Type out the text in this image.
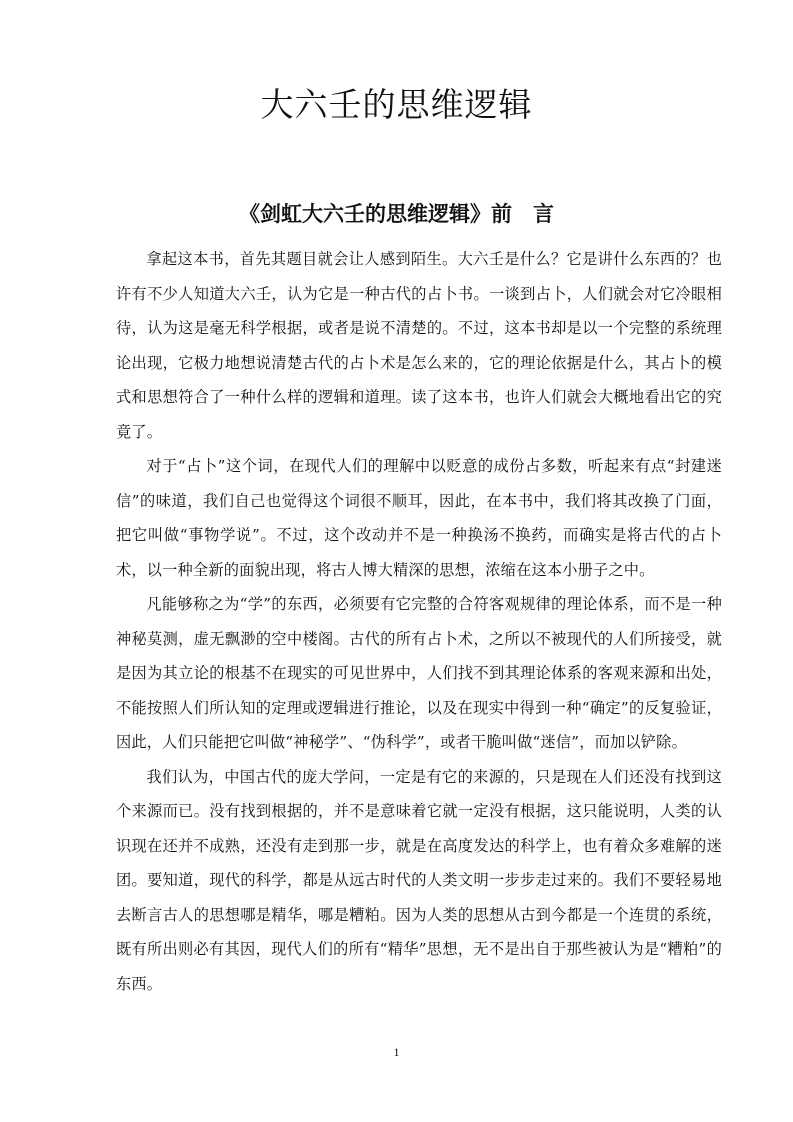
大六壬的思维逻辑
《剑虹大六壬的思维逻辑》前　言

拿起这本书，首先其题目就会让人感到陌生。大六壬是什么？它是讲什么东西的？也许有不少人知道大六壬，认为它是一种古代的占卜书。一谈到占卜，人们就会对它冷眼相待，认为这是毫无科学根据，或者是说不清楚的。不过，这本书却是以一个完整的系统理论出现，它极力地想说清楚古代的占卜术是怎么来的，它的理论依据是什么，其占卜的模式和思想符合了一种什么样的逻辑和道理。读了这本书，也许人们就会大概地看出它的究竟了。

对于“占卜”这个词，在现代人们的理解中以贬意的成份占多数，听起来有点“封建迷信”的味道，我们自己也觉得这个词很不顺耳，因此，在本书中，我们将其改换了门面，把它叫做“事物学说”。不过，这个改动并不是一种换汤不换药，而确实是将古代的占卜术，以一种全新的面貌出现，将古人博大精深的思想，浓缩在这本小册子之中。

凡能够称之为“学”的东西，必须要有它完整的合符客观规律的理论体系，而不是一种神秘莫测，虚无飘渺的空中楼阁。古代的所有占卜术，之所以不被现代的人们所接受，就是因为其立论的根基不在现实的可见世界中，人们找不到其理论体系的客观来源和出处，不能按照人们所认知的定理或逻辑进行推论，以及在现实中得到一种“确定”的反复验证，因此，人们只能把它叫做“神秘学”、“伪科学”，或者干脆叫做“迷信”，而加以铲除。

我们认为，中国古代的庞大学问，一定是有它的来源的，只是现在人们还没有找到这个来源而已。没有找到根据的，并不是意味着它就一定没有根据，这只能说明，人类的认识现在还并不成熟，还没有走到那一步，就是在高度发达的科学上，也有着众多难解的迷团。要知道，现代的科学，都是从远古时代的人类文明一步步走过来的。我们不要轻易地去断言古人的思想哪是精华，哪是糟粕。因为人类的思想从古到今都是一个连贯的系统，既有所出则必有其因，现代人们的所有“精华”思想，无不是出自于那些被认为是“糟粕”的东西。

1
